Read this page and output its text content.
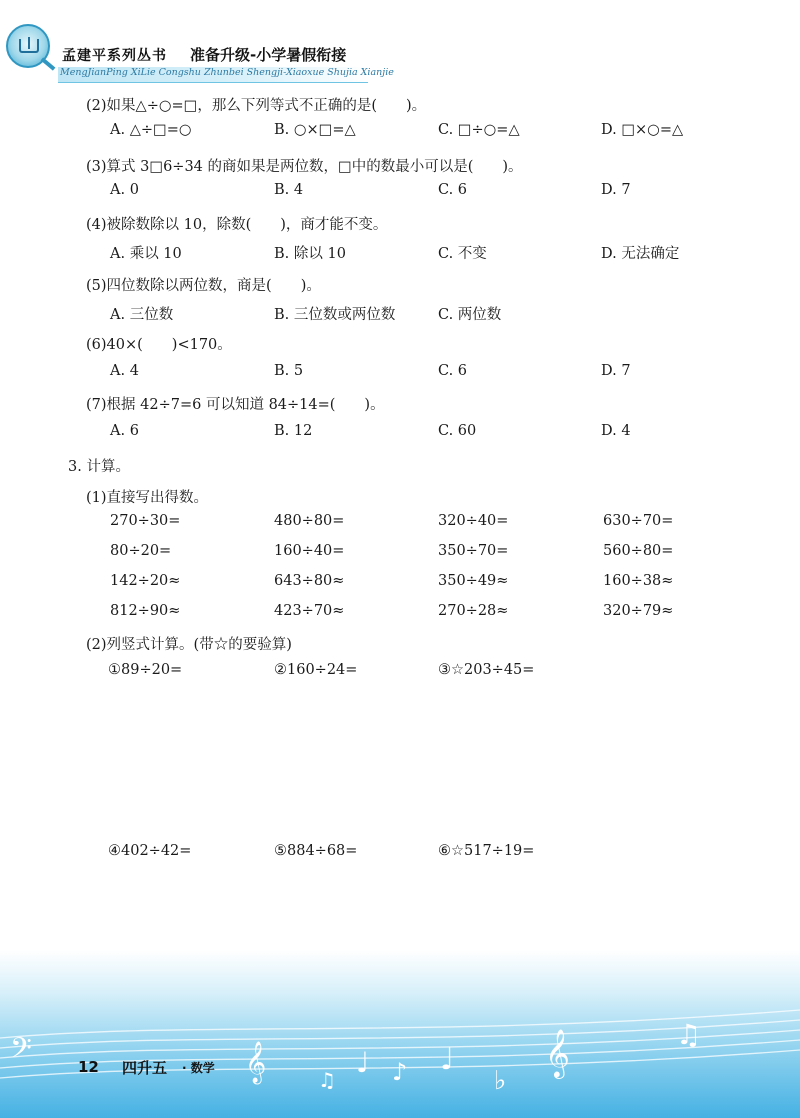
孟建平系列丛书 准备升级-小学暑假衔接
MengJianPing XiLie Congshu Zhunbei Shengji-Xiaoxue Shujia Xianjie
(2)如果△÷○=□，那么下列等式不正确的是(　　)。
A. △÷□=○	B. ○×□=△	C. □÷○=△	D. □×○=△
(3)算式 3□6÷34 的商如果是两位数，□中的数最小可以是(　　)。
A. 0	B. 4	C. 6	D. 7
(4)被除数除以 10，除数(　　)，商才能不变。
A. 乘以 10	B. 除以 10	C. 不变	D. 无法确定
(5)四位数除以两位数，商是(　　)。
A. 三位数	B. 三位数或两位数	C. 两位数
(6)40×(　　)<170。
A. 4	B. 5	C. 6	D. 7
(7)根据 42÷7=6 可以知道 84÷14=(　　)。
A. 6	B. 12	C. 60	D. 4
3. 计算。
(1)直接写出得数。
270÷30=	480÷80=	320÷40=	630÷70=
80÷20=	160÷40=	350÷70=	560÷80=
142÷20≈	643÷80≈	350÷49≈	160÷38≈
812÷90≈	423÷70≈	270÷28≈	320÷79≈
(2)列竖式计算。(带☆的要验算)
①89÷20=	②160÷24=	③☆203÷45=
④402÷42=	⑤884÷68=	⑥☆517÷19=
𝄢	𝄞	♫
♩ ♪ ♩
♭
𝄞	♫
12 四升五 · 数学
